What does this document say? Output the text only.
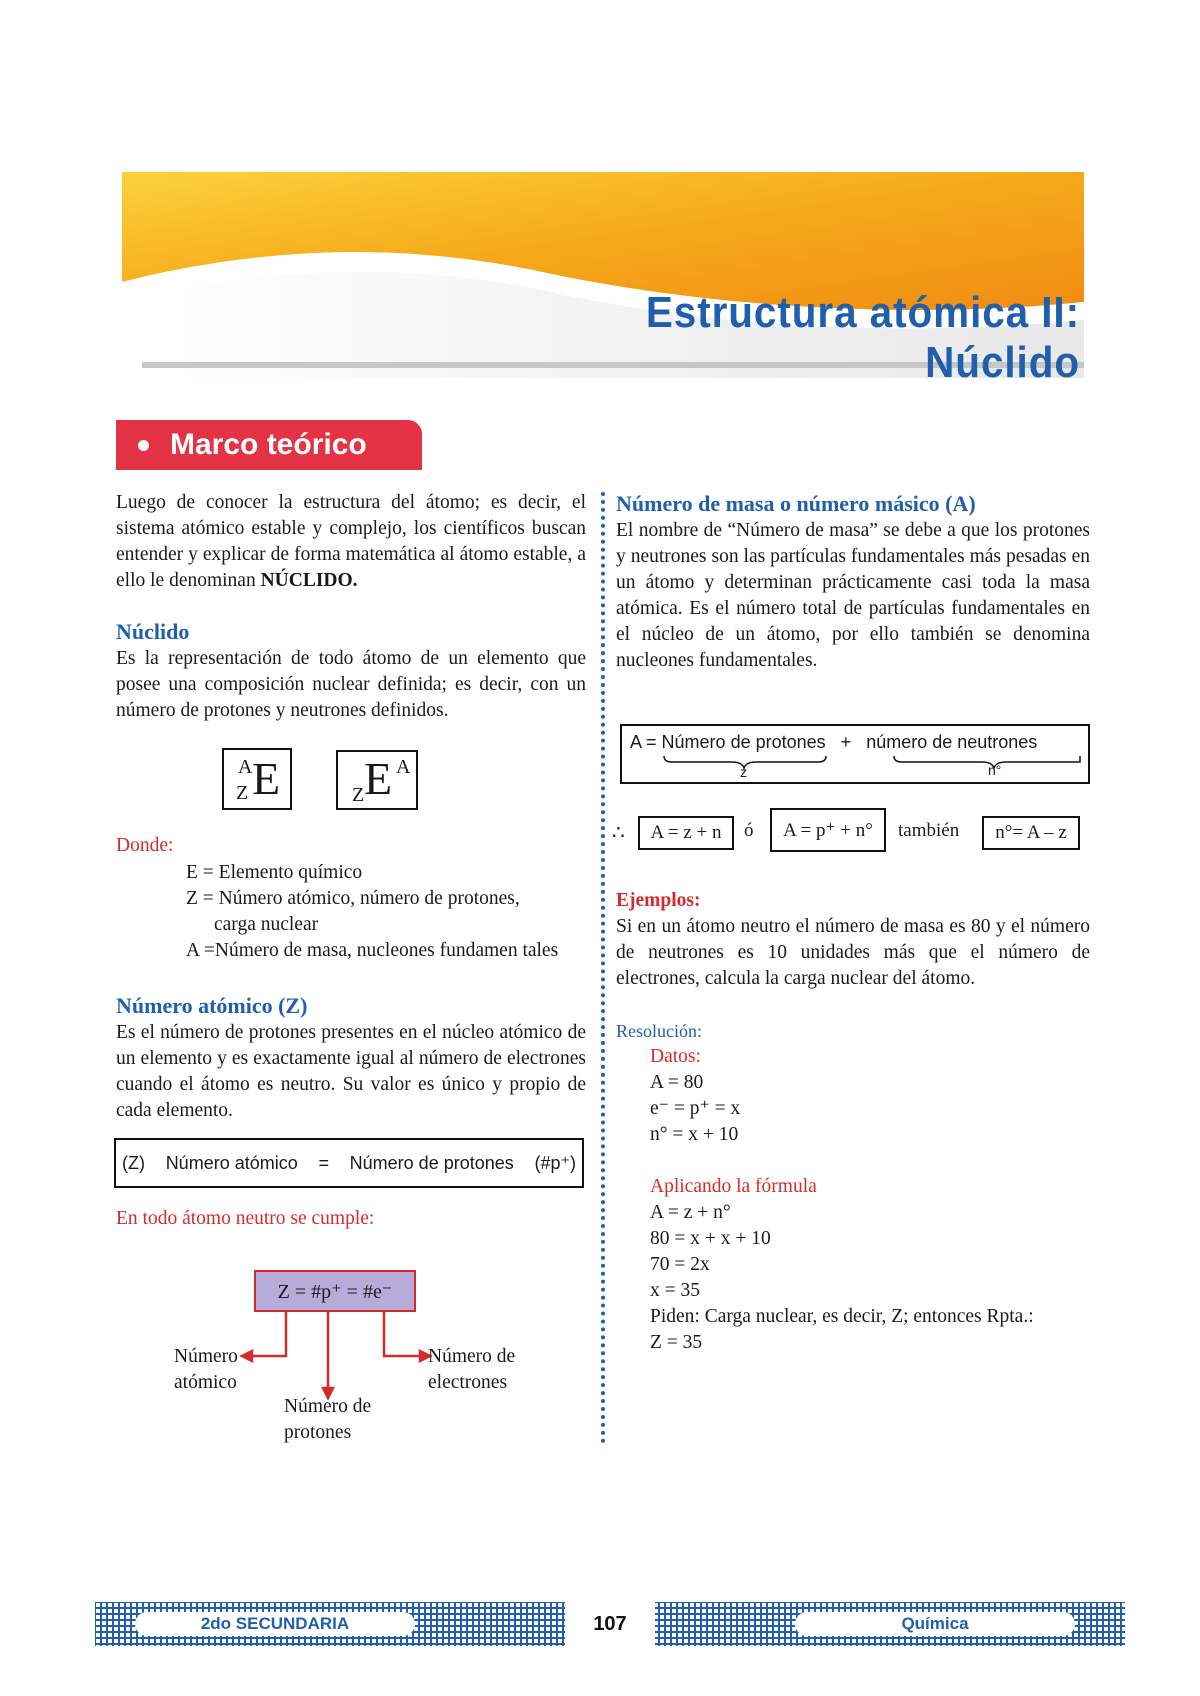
Estructura atómica II: Núclido
Marco teórico
Luego de conocer la estructura del átomo; es decir, el sistema atómico estable y complejo, los científicos buscan entender y explicar de forma matemática al átomo estable, a ello le denominan NÚCLIDO.

Núclido

Es la representación de todo átomo de un elemento que posee una composición nuclear definida; es decir, con un número de protones y neutrones definidos.
A
Z E	Z E A
Donde:
E = Elemento químico
Z = Número atómico, número de protones,
carga nuclear
A =Número de masa, nucleones fundamen tales

Número atómico (Z)

Es el número de protones presentes en el núcleo atómico de un elemento y es exactamente igual al número de electrones cuando el átomo es neutro. Su valor es único y propio de cada elemento.
(Z) Número atómico = Número de protones (#p⁺)
En todo átomo neutro se cumple:
Z = #p⁺ = #e⁻
Número atómico
Número de protones
Número de electrones

Número de masa o número másico (A)

El nombre de “Número de masa” se debe a que los protones y neutrones son las partículas fundamentales más pesadas en un átomo y determinan prácticamente casi toda la masa atómica. Es el número total de partículas fundamentales en el núcleo de un átomo, por ello también se denomina nucleones fundamentales.
A = Número de protones + número de neutrones
z	n°
∴	A = z + n	ó	A = p⁺ + n°	también	n°= A – z
Ejemplos:
Si en un átomo neutro el número de masa es 80 y el número de neutrones es 10 unidades más que el número de electrones, calcula la carga nuclear del átomo.
Resolución:
Datos:
A = 80
e⁻ = p⁺ = x
n° = x + 10
Aplicando la fórmula
A = z + n°
80 = x + x + 10
70 = 2x
x = 35
Piden: Carga nuclear, es decir, Z; entonces Rpta.:
Z = 35
2do SECUNDARIA	107	Química
